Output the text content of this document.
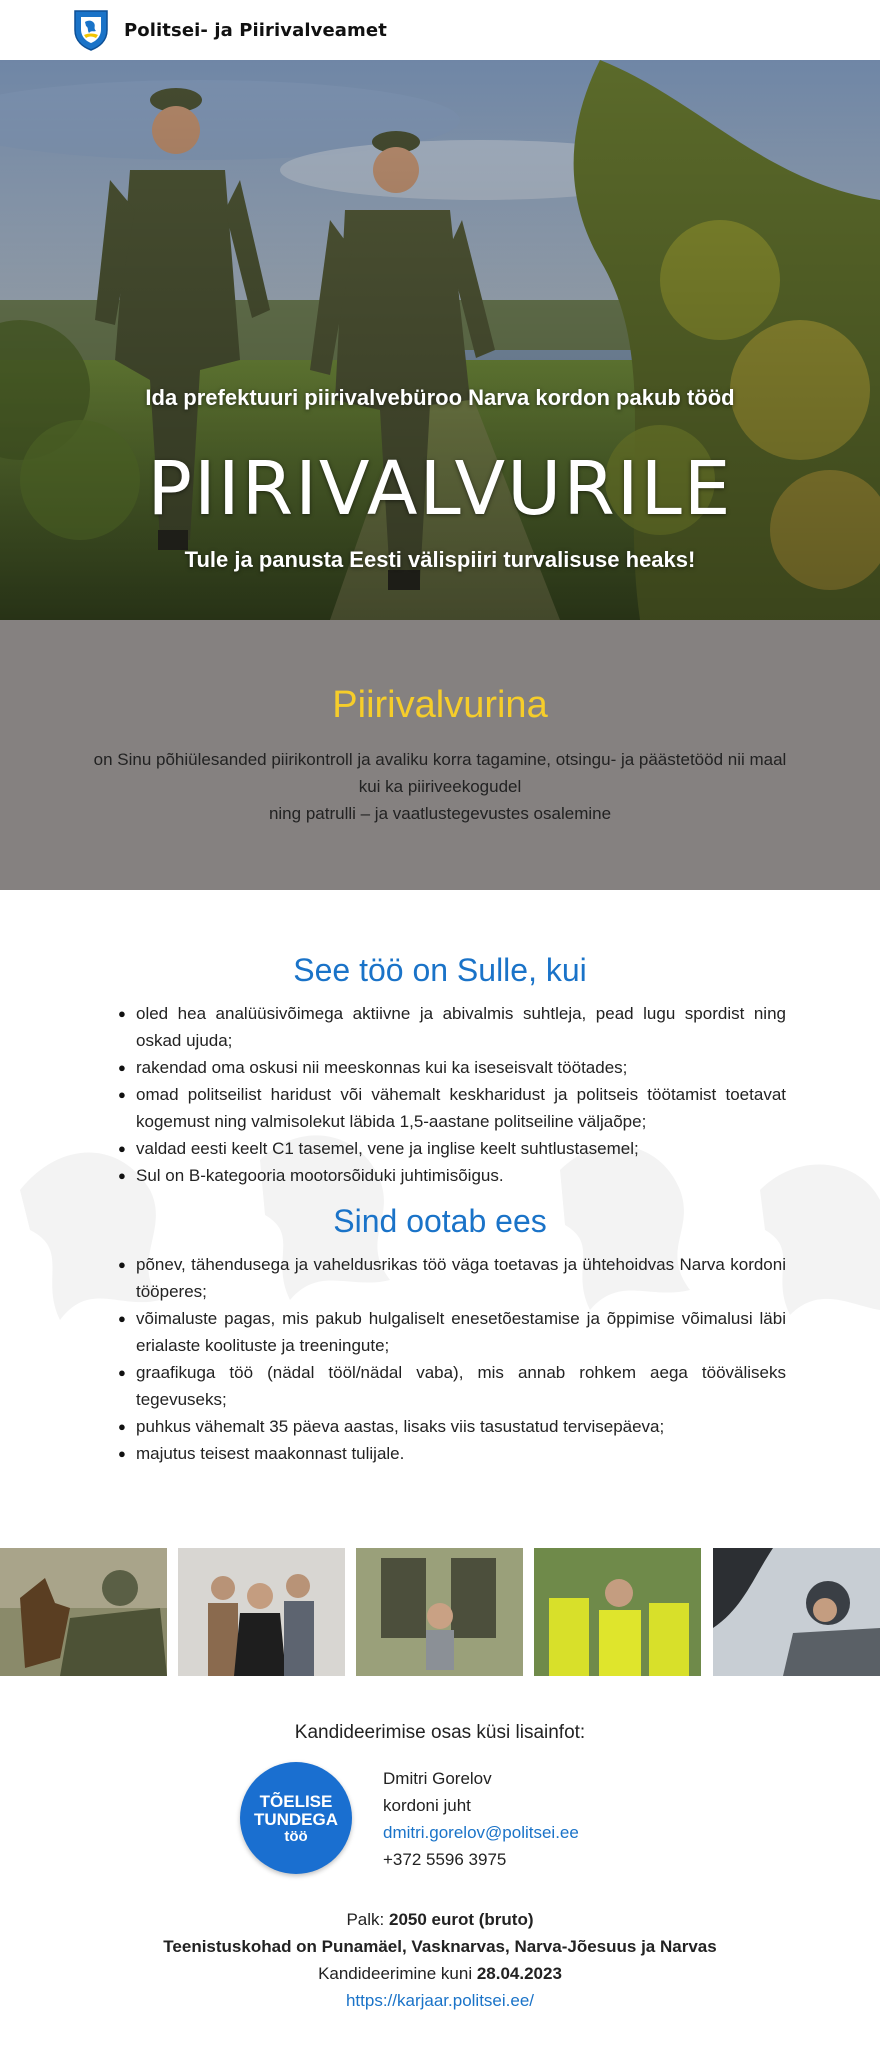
Politsei- ja Piirivalveamet
Ida prefektuuri piirivalvebüroo Narva kordon pakub tööd
PIIRIVALVURILE
Tule ja panusta Eesti välispiiri turvalisuse heaks!
Piirivalvurina

on Sinu põhiülesanded piirikontroll ja avaliku korra tagamine, otsingu- ja päästetööd nii maal kui ka piiriveekogudel
ning patrulli – ja vaatlustegevustes osalemine

See töö on Sulle, kui
● oled hea analüüsivõimega aktiivne ja abivalmis suhtleja, pead lugu spordist ning oskad ujuda;
● rakendad oma oskusi nii meeskonnas kui ka iseseisvalt töötades;
● omad politseilist haridust või vähemalt keskharidust ja politseis töötamist toetavat kogemust ning valmisolekut läbida 1,5-aastane politseiline väljaõpe;
● valdad eesti keelt C1 tasemel, vene ja inglise keelt suhtlustasemel;
● Sul on B-kategooria mootorsõiduki juhtimisõigus.
Sind ootab ees
● põnev, tähendusega ja vaheldusrikas töö väga toetavas ja ühtehoidvas Narva kordoni tööperes;
● võimaluste pagas, mis pakub hulgaliselt enesetõestamise ja õppimise võimalusi läbi erialaste koolituste ja treeningute;
● graafikuga töö (nädal tööl/nädal vaba), mis annab rohkem aega tööväliseks tegevuseks;
● puhkus vähemalt 35 päeva aastas, lisaks viis tasustatud tervisepäeva;
● majutus teisest maakonnast tulijale.
Kandideerimise osas küsi lisainfot:
TÕELISE
TUNDEGA
töö
Dmitri Gorelov
kordoni juht
dmitri.gorelov@politsei.ee
+372 5596 3975
Palk: 2050 eurot (bruto)
Teenistuskohad on Punamäel, Vasknarvas, Narva-Jõesuus ja Narvas
Kandideerimine kuni 28.04.2023
https://karjaar.politsei.ee/
